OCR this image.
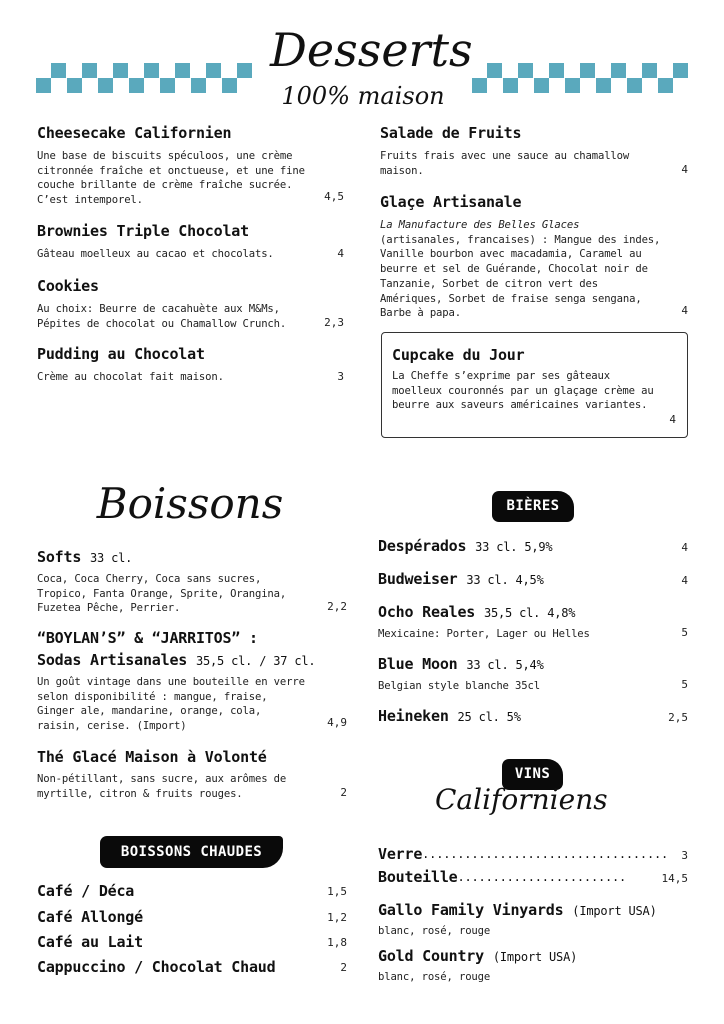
Desserts
100% maison
Cheesecake Californien
Une base de biscuits spéculoos, une crème citronnée fraîche et onctueuse, et une fine couche brillante de crème fraîche sucrée. C’est intemporel.	4,5
Brownies Triple Chocolat
Gâteau moelleux au cacao et chocolats.	4
Cookies
Au choix: Beurre de cacahuète aux M&Ms, Pépites de chocolat ou Chamallow Crunch.	2,3
Pudding au Chocolat
Crème au chocolat fait maison.	3
Salade de Fruits
Fruits frais avec une sauce au chamallow maison.	4
Glaçe Artisanale
La Manufacture des Belles Glaces
(artisanales, francaises) : Mangue des indes, Vanille bourbon avec macadamia, Caramel au beurre et sel de Guérande, Chocolat noir de Tanzanie, Sorbet de citron vert des Amériques, Sorbet de fraise senga sengana, Barbe à papa.	4
Cupcake du Jour
La Cheffe s’exprime par ses gâteaux moelleux couronnés par un glaçage crème au beurre aux saveurs américaines variantes.
4
Boissons
Softs 33 cl.
Coca, Coca Cherry, Coca sans sucres, Tropico, Fanta Orange, Sprite, Orangina, Fuzetea Pêche, Perrier.	2,2
“BOYLAN’S” & “JARRITOS” :
Sodas Artisanales 35,5 cl. / 37 cl.
Un goût vintage dans une bouteille en verre selon disponibilité : mangue, fraise, Ginger ale, mandarine, orange, cola, raisin, cerise. (Import)	4,9
Thé Glacé Maison à Volonté
Non-pétillant, sans sucre, aux arômes de myrtille, citron & fruits rouges.	2
BOISSONS CHAUDES
Café / Déca	1,5
Café Allongé	1,2
Café au Lait	1,8
Cappuccino / Chocolat Chaud	2
BIÈRES
Despérados 33 cl. 5,9%	4
Budweiser 33 cl. 4,5%	4
Ocho Reales 35,5 cl. 4,8%
Mexicaine: Porter, Lager ou Helles	5
Blue Moon 33 cl. 5,4%
Belgian style blanche 35cl	5
Heineken 25 cl. 5%	2,5
VINS
Californiens
Verre ...................................	3
Bouteille ........................	14,5
Gallo Family Vinyards (Import USA)
blanc, rosé, rouge
Gold Country (Import USA)
blanc, rosé, rouge
